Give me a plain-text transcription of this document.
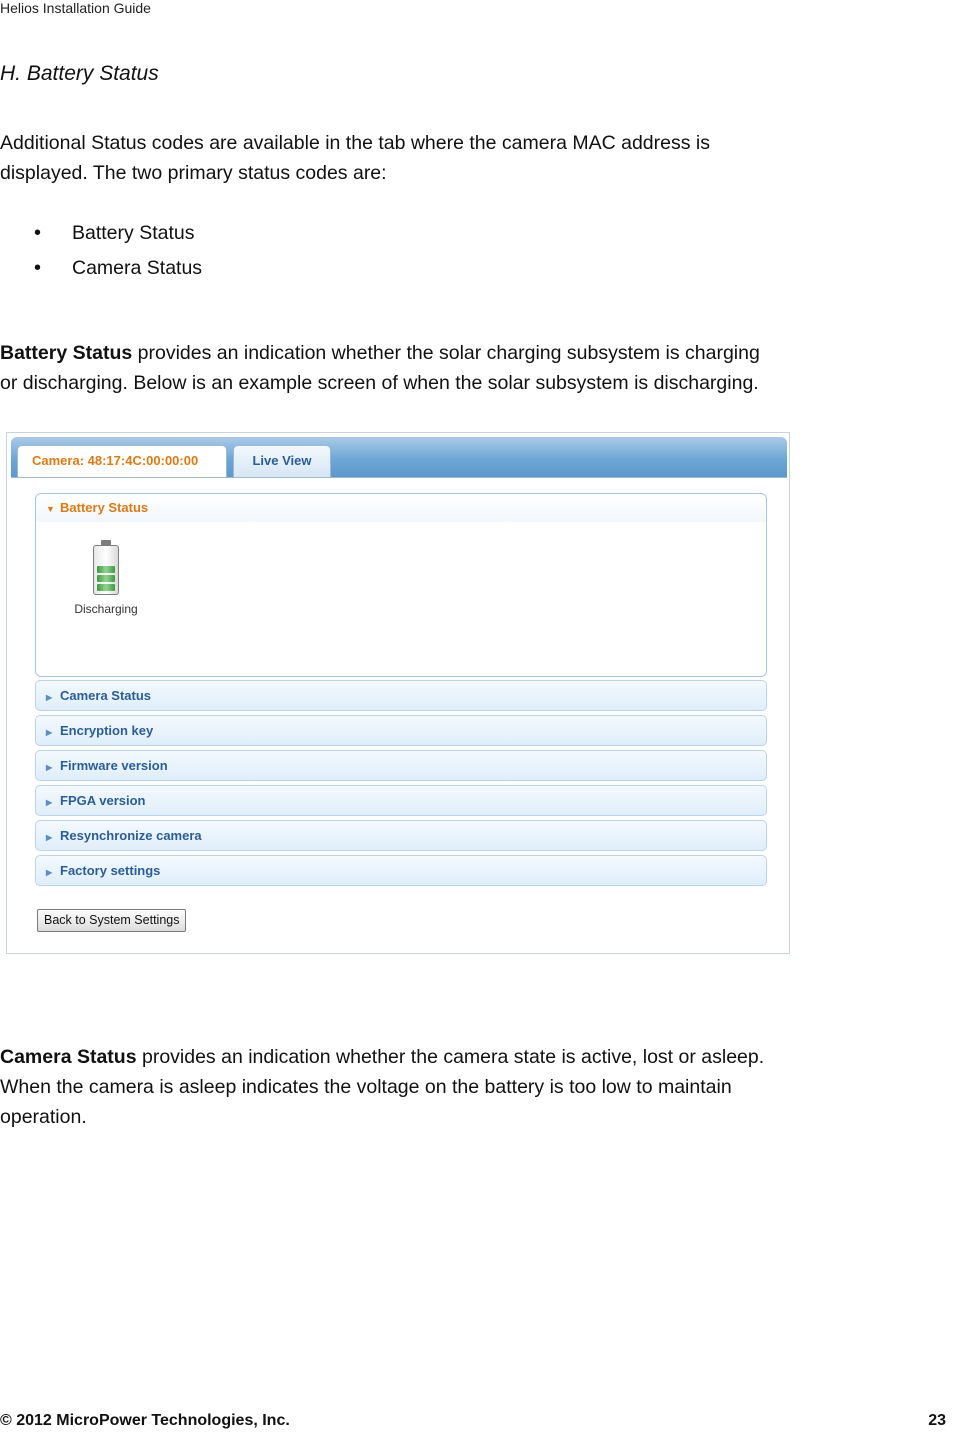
Helios Installation Guide
H. Battery Status

Additional Status codes are available in the tab where the camera MAC address is
displayed. The two primary status codes are:

• Battery Status
• Camera Status

Battery Status provides an indication whether the solar charging subsystem is charging
or discharging. Below is an example screen of when the solar subsystem is discharging.

Camera: 48:17:4C:00:00:00	Live View
▼ Battery Status
Discharging
▶ Camera Status
▶ Encryption key
▶ Firmware version
▶ FPGA version
▶ Resynchronize camera
▶ Factory settings
Back to System Settings

Camera Status provides an indication whether the camera state is active, lost or asleep.
When the camera is asleep indicates the voltage on the battery is too low to maintain
operation.

© 2012 MicroPower Technologies, Inc.	23
